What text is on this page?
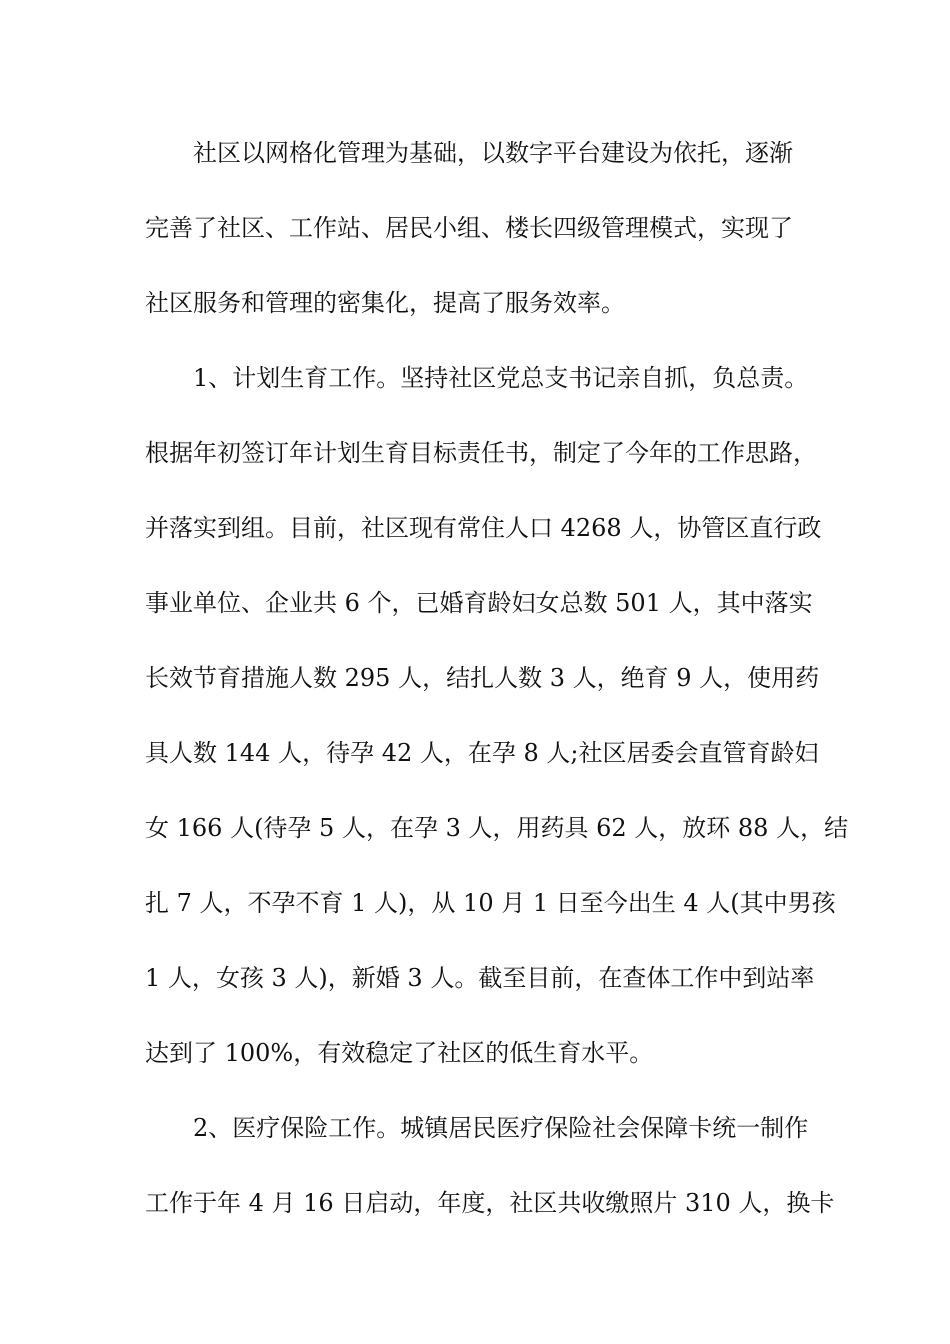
社区以网格化管理为基础，以数字平台建设为依托，逐渐
完善了社区、工作站、居民小组、楼长四级管理模式，实现了
社区服务和管理的密集化，提高了服务效率。
1、计划生育工作。坚持社区党总支书记亲自抓，负总责。
根据年初签订年计划生育目标责任书，制定了今年的工作思路，
并落实到组。目前，社区现有常住人口 4268 人，协管区直行政
事业单位、企业共 6 个，已婚育龄妇女总数 501 人，其中落实
长效节育措施人数 295 人，结扎人数 3 人，绝育 9 人，使用药
具人数 144 人，待孕 42 人，在孕 8 人;社区居委会直管育龄妇
女 166 人(待孕 5 人，在孕 3 人，用药具 62 人，放环 88 人，结
扎 7 人，不孕不育 1 人)，从 10 月 1 日至今出生 4 人(其中男孩
1 人，女孩 3 人)，新婚 3 人。截至目前，在查体工作中到站率
达到了 100%，有效稳定了社区的低生育水平。
2、医疗保险工作。城镇居民医疗保险社会保障卡统一制作
工作于年 4 月 16 日启动，年度，社区共收缴照片 310 人，换卡
